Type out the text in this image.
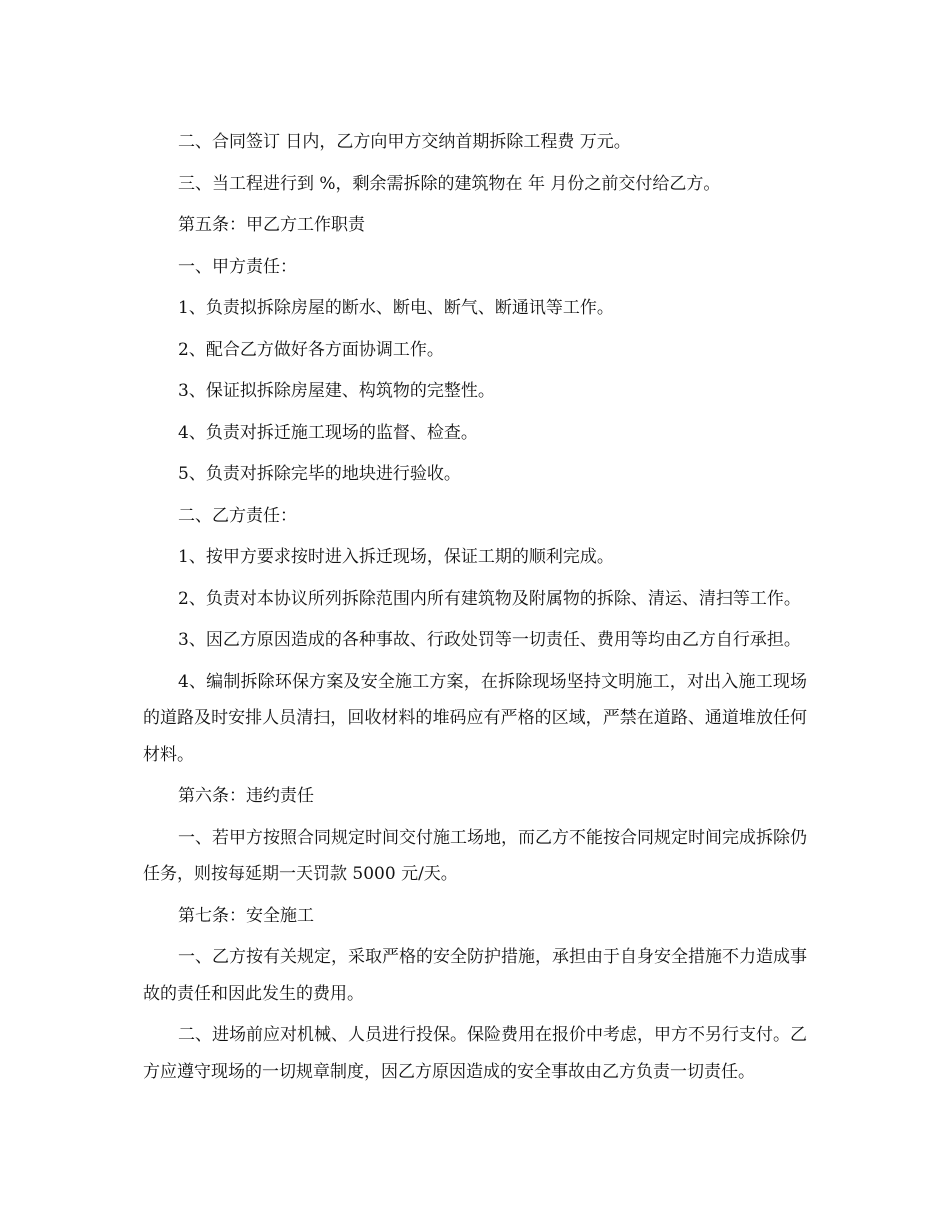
二、合同签订 日内，乙方向甲方交纳首期拆除工程费 万元。

三、当工程进行到 %，剩余需拆除的建筑物在 年 月份之前交付给乙方。

第五条：甲乙方工作职责

一、甲方责任：

1、负责拟拆除房屋的断水、断电、断气、断通讯等工作。

2、配合乙方做好各方面协调工作。

3、保证拟拆除房屋建、构筑物的完整性。

4、负责对拆迁施工现场的监督、检查。

5、负责对拆除完毕的地块进行验收。

二、乙方责任：

1、按甲方要求按时进入拆迁现场，保证工期的顺利完成。

2、负责对本协议所列拆除范围内所有建筑物及附属物的拆除、清运、清扫等工作。

3、因乙方原因造成的各种事故、行政处罚等一切责任、费用等均由乙方自行承担。

4、编制拆除环保方案及安全施工方案，在拆除现场坚持文明施工，对出入施工现场的道路及时安排人员清扫，回收材料的堆码应有严格的区域，严禁在道路、通道堆放任何材料。

第六条：违约责任

一、若甲方按照合同规定时间交付施工场地，而乙方不能按合同规定时间完成拆除仍任务，则按每延期一天罚款 5000 元/天。

第七条：安全施工

一、乙方按有关规定，采取严格的安全防护措施，承担由于自身安全措施不力造成事故的责任和因此发生的费用。

二、进场前应对机械、人员进行投保。保险费用在报价中考虑，甲方不另行支付。乙方应遵守现场的一切规章制度，因乙方原因造成的安全事故由乙方负责一切责任。
